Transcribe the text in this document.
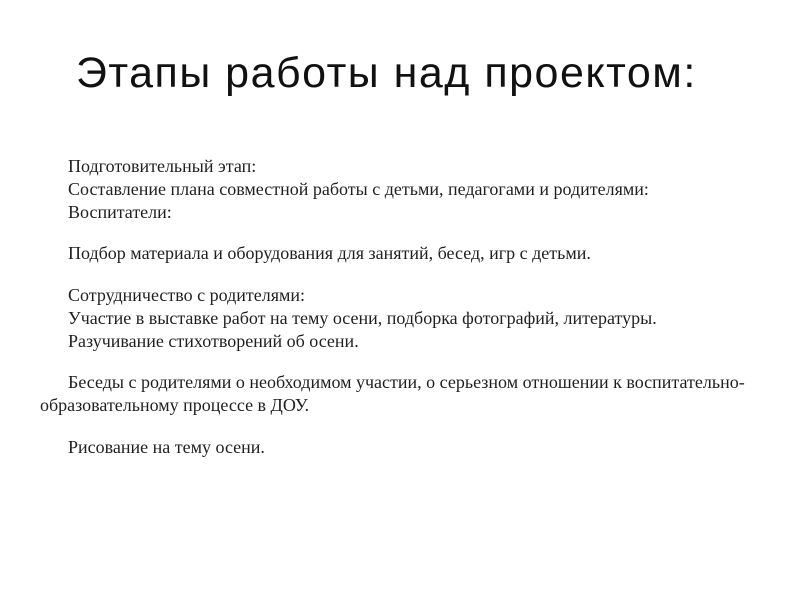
Этапы работы над проектом:

Подготовительный этап:

Составление плана совместной работы с детьми, педагогами и родителями:

Воспитатели:

Подбор материала и оборудования для занятий, бесед, игр с детьми.

Сотрудничество с родителями:

Участие в выставке работ на тему осени, подборка фотографий, литературы.

Разучивание стихотворений об осени.

Беседы с родителями о необходимом участии, о серьезном отношении к воспитательно-образовательному процессе в ДОУ.

Рисование на тему осени.
